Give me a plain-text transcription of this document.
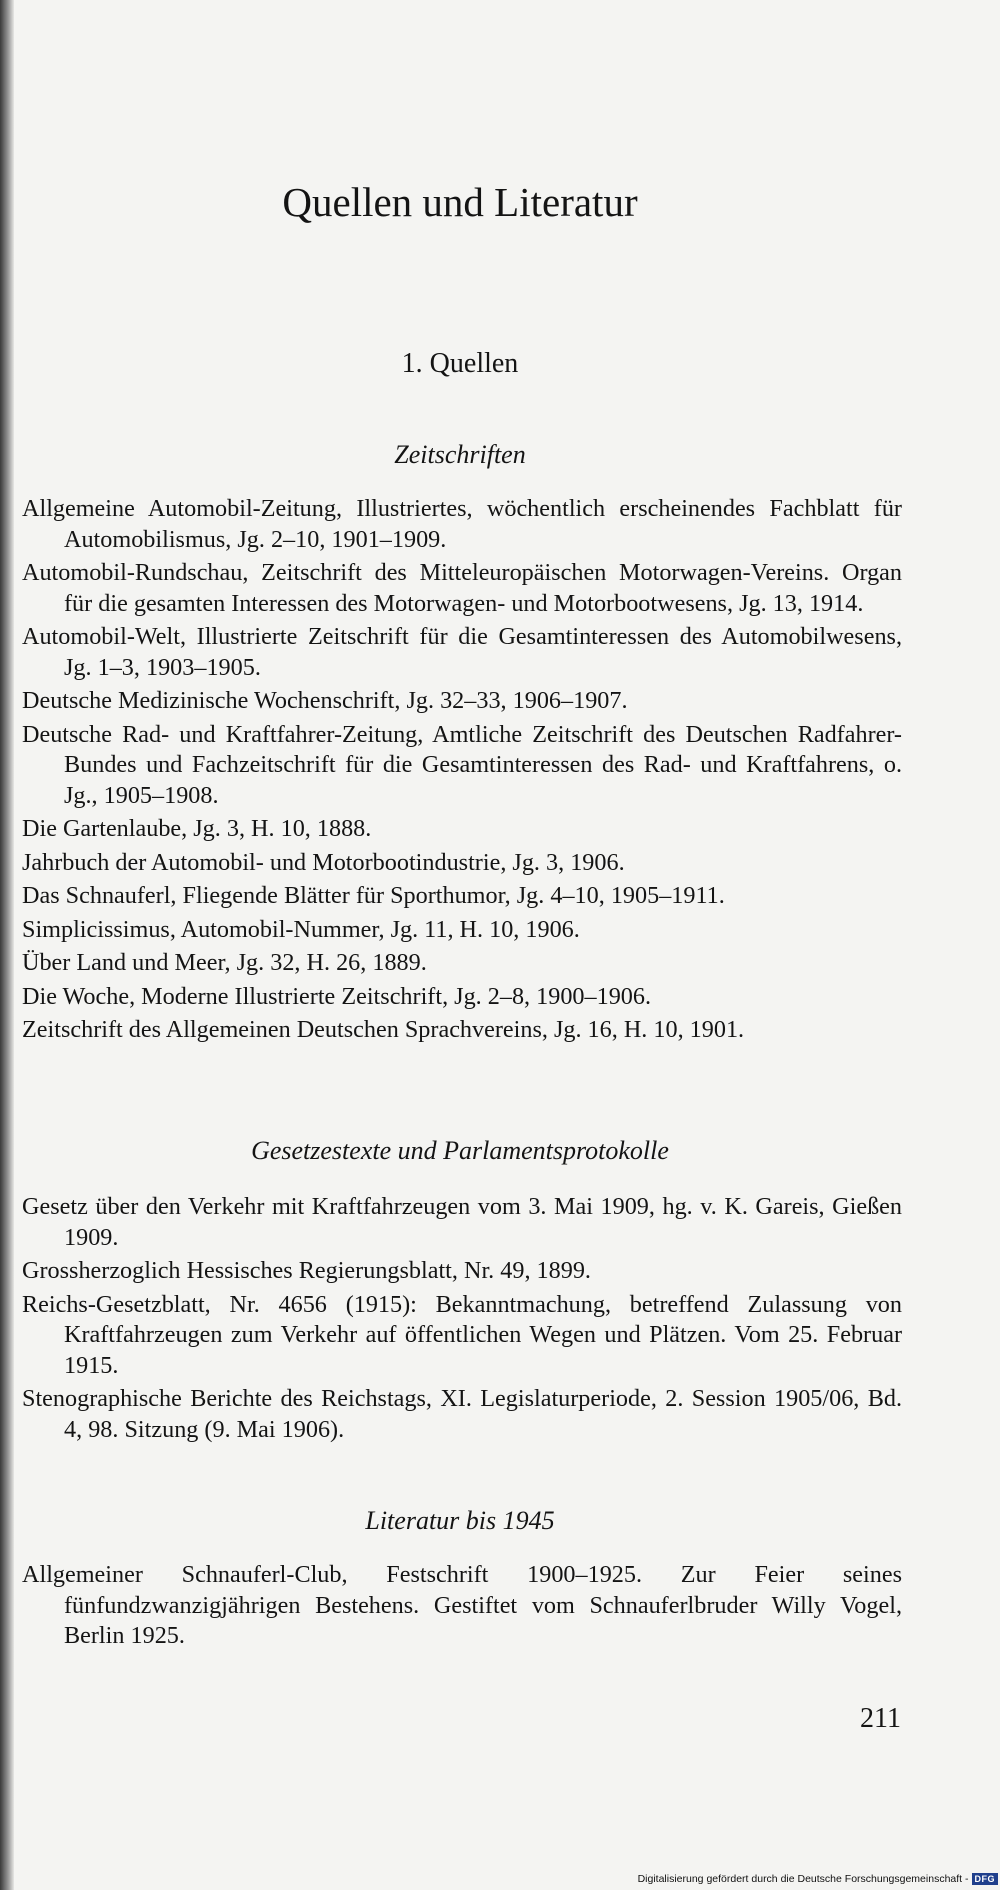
Quellen und Literatur
1. Quellen
Zeitschriften
Allgemeine Automobil-Zeitung, Illustriertes, wöchentlich erscheinendes Fachblatt für Automobilismus, Jg. 2–10, 1901–1909.
Automobil-Rundschau, Zeitschrift des Mitteleuropäischen Motorwagen-Vereins. Organ für die gesamten Interessen des Motorwagen- und Motorbootwesens, Jg. 13, 1914.
Automobil-Welt, Illustrierte Zeitschrift für die Gesamtinteressen des Automobilwesens, Jg. 1–3, 1903–1905.
Deutsche Medizinische Wochenschrift, Jg. 32–33, 1906–1907.
Deutsche Rad- und Kraftfahrer-Zeitung, Amtliche Zeitschrift des Deutschen Radfahrer-Bundes und Fachzeitschrift für die Gesamtinteressen des Rad- und Kraftfahrens, o. Jg., 1905–1908.
Die Gartenlaube, Jg. 3, H. 10, 1888.
Jahrbuch der Automobil- und Motorbootindustrie, Jg. 3, 1906.
Das Schnauferl, Fliegende Blätter für Sporthumor, Jg. 4–10, 1905–1911.
Simplicissimus, Automobil-Nummer, Jg. 11, H. 10, 1906.
Über Land und Meer, Jg. 32, H. 26, 1889.
Die Woche, Moderne Illustrierte Zeitschrift, Jg. 2–8, 1900–1906.
Zeitschrift des Allgemeinen Deutschen Sprachvereins, Jg. 16, H. 10, 1901.
Gesetzestexte und Parlamentsprotokolle
Gesetz über den Verkehr mit Kraftfahrzeugen vom 3. Mai 1909, hg. v. K. Gareis, Gießen 1909.
Grossherzoglich Hessisches Regierungsblatt, Nr. 49, 1899.
Reichs-Gesetzblatt, Nr. 4656 (1915): Bekanntmachung, betreffend Zulassung von Kraftfahrzeugen zum Verkehr auf öffentlichen Wegen und Plätzen. Vom 25. Februar 1915.
Stenographische Berichte des Reichstags, XI. Legislaturperiode, 2. Session 1905/06, Bd. 4, 98. Sitzung (9. Mai 1906).
Literatur bis 1945
Allgemeiner Schnauferl-Club, Festschrift 1900–1925. Zur Feier seines fünfundzwanzigjährigen Bestehens. Gestiftet vom Schnauferlbruder Willy Vogel, Berlin 1925.
211
Digitalisierung gefördert durch die Deutsche Forschungsgemeinschaft - DFG
